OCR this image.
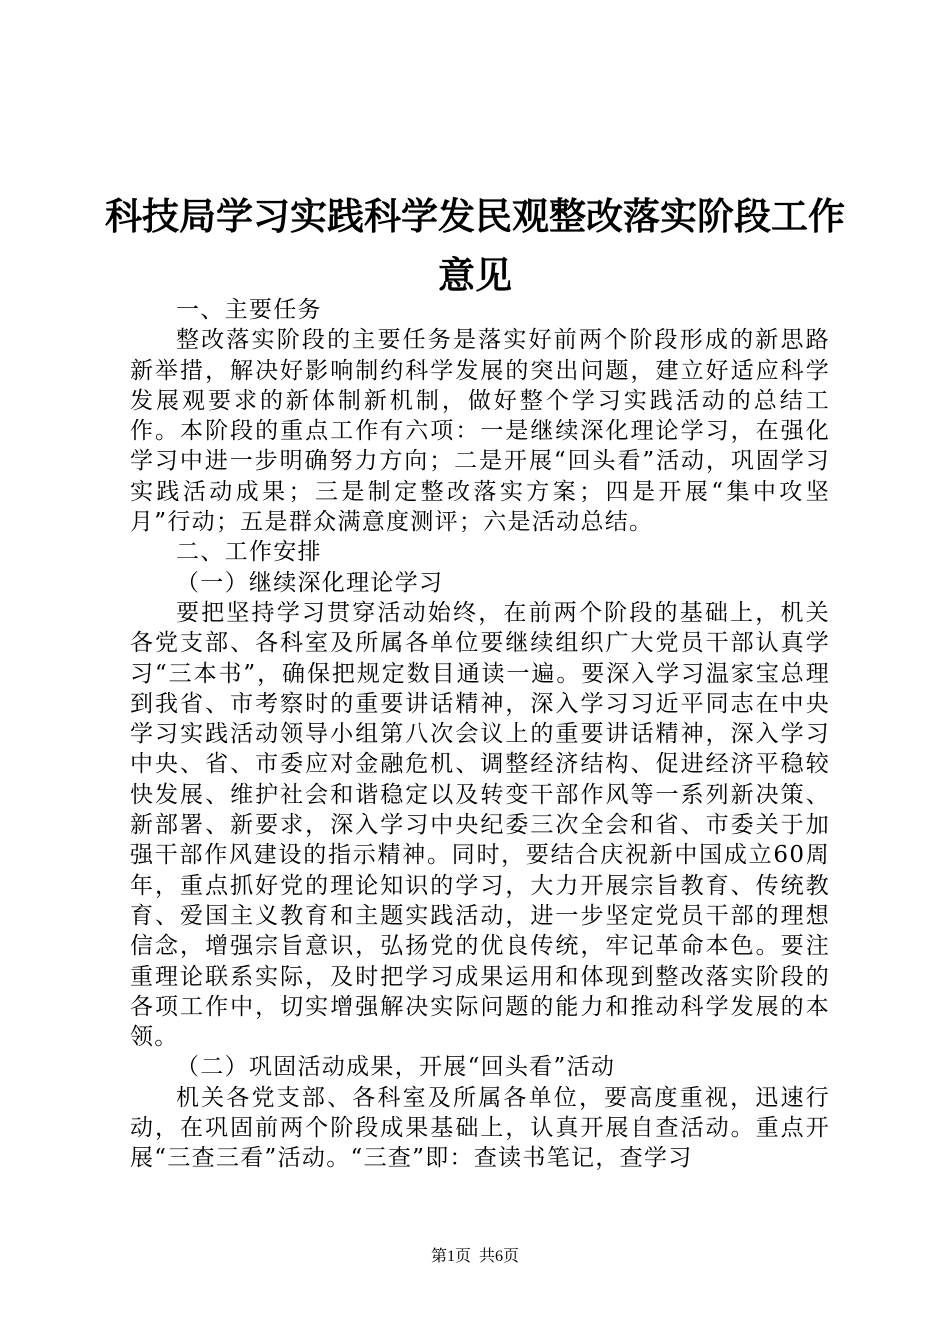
科技局学习实践科学发民观整改落实阶段工作
意见

一、主要任务

整改落实阶段的主要任务是落实好前两个阶段形成的新思路新举措，解决好影响制约科学发展的突出问题，建立好适应科学发展观要求的新体制新机制，做好整个学习实践活动的总结工作。本阶段的重点工作有六项：一是继续深化理论学习，在强化学习中进一步明确努力方向；二是开展“回头看”活动，巩固学习实践活动成果；三是制定整改落实方案；四是开展“集中攻坚月”行动；五是群众满意度测评；六是活动总结。

二、工作安排

（一）继续深化理论学习

要把坚持学习贯穿活动始终，在前两个阶段的基础上，机关各党支部、各科室及所属各单位要继续组织广大党员干部认真学习“三本书”，确保把规定数目通读一遍。要深入学习温家宝总理到我省、市考察时的重要讲话精神，深入学习习近平同志在中央学习实践活动领导小组第八次会议上的重要讲话精神，深入学习中央、省、市委应对金融危机、调整经济结构、促进经济平稳较快发展、维护社会和谐稳定以及转变干部作风等一系列新决策、新部署、新要求，深入学习中央纪委三次全会和省、市委关于加强干部作风建设的指示精神。同时，要结合庆祝新中国成立60周年，重点抓好党的理论知识的学习，大力开展宗旨教育、传统教育、爱国主义教育和主题实践活动，进一步坚定党员干部的理想信念，增强宗旨意识，弘扬党的优良传统，牢记革命本色。要注重理论联系实际，及时把学习成果运用和体现到整改落实阶段的各项工作中，切实增强解决实际问题的能力和推动科学发展的本领。

（二）巩固活动成果，开展“回头看”活动

机关各党支部、各科室及所属各单位，要高度重视，迅速行动，在巩固前两个阶段成果基础上，认真开展自查活动。重点开展“三查三看”活动。“三查”即：查读书笔记，查学习

第1页 共6页
